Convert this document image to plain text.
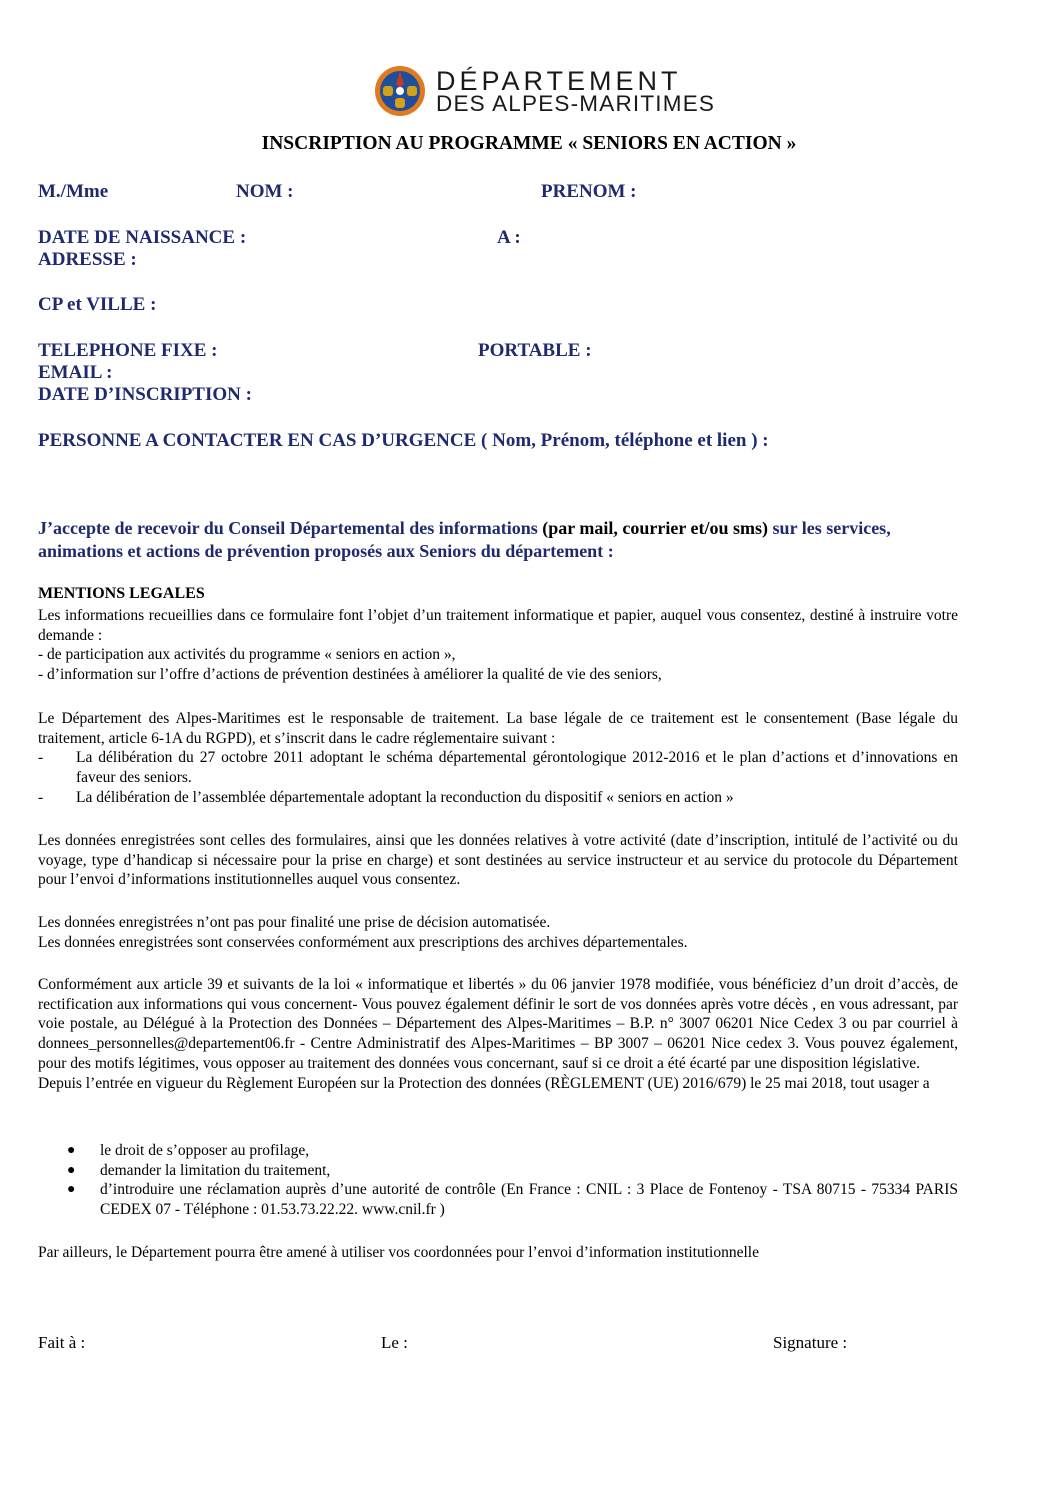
DÉPARTEMENT
DES ALPES-MARITIMES
INSCRIPTION AU PROGRAMME « SENIORS EN ACTION »
M./Mme	NOM :	PRENOM :
DATE DE NAISSANCE :	A :
ADRESSE :
CP et VILLE :
TELEPHONE FIXE :	PORTABLE :
EMAIL :
DATE D’INSCRIPTION :
PERSONNE A CONTACTER EN CAS D’URGENCE ( Nom, Prénom, téléphone et lien ) :
J’accepte de recevoir du Conseil Départemental des informations (par mail, courrier et/ou sms) sur les services, animations et actions de prévention proposés aux Seniors du département :
MENTIONS LEGALES

Les informations recueillies dans ce formulaire font l’objet d’un traitement informatique et papier, auquel vous consentez, destiné à instruire votre demande :

- de participation aux activités du programme « seniors en action »,

- d’information sur l’offre d’actions de prévention destinées à améliorer la qualité de vie des seniors,

Le Département des Alpes-Maritimes est le responsable de traitement. La base légale de ce traitement est le consentement (Base légale du traitement, article 6-1A du RGPD), et s’inscrit dans le cadre réglementaire suivant :

- La délibération du 27 octobre 2011 adoptant le schéma départemental gérontologique 2012-2016 et le plan d’actions et d’innovations en faveur des seniors.
- La délibération de l’assemblée départementale adoptant la reconduction du dispositif « seniors en action »

Les données enregistrées sont celles des formulaires, ainsi que les données relatives à votre activité (date d’inscription, intitulé de l’activité ou du voyage, type d’handicap si nécessaire pour la prise en charge) et sont destinées au service instructeur et au service du protocole du Département pour l’envoi d’informations institutionnelles auquel vous consentez.

Les données enregistrées n’ont pas pour finalité une prise de décision automatisée.

Les données enregistrées sont conservées conformément aux prescriptions des archives départementales.

Conformément aux article 39 et suivants de la loi « informatique et libertés » du 06 janvier 1978 modifiée, vous bénéficiez d’un droit d’accès, de rectification aux informations qui vous concernent- Vous pouvez également définir le sort de vos données après votre décès , en vous adressant, par voie postale, au Délégué à la Protection des Données – Département des Alpes-Maritimes – B.P. n° 3007 06201 Nice Cedex 3 ou par courriel à donnees_personnelles@departement06.fr - Centre Administratif des Alpes-Maritimes – BP 3007 – 06201 Nice cedex 3. Vous pouvez également, pour des motifs légitimes, vous opposer au traitement des données vous concernant, sauf si ce droit a été écarté par une disposition législative.

Depuis l’entrée en vigueur du Règlement Européen sur la Protection des données (RÈGLEMENT (UE) 2016/679) le 25 mai 2018, tout usager a

● le droit de s’opposer au profilage,
● demander la limitation du traitement,
● d’introduire une réclamation auprès d’une autorité de contrôle (En France : CNIL : 3 Place de Fontenoy - TSA 80715 - 75334 PARIS CEDEX 07 - Téléphone : 01.53.73.22.22. www.cnil.fr )

Par ailleurs, le Département pourra être amené à utiliser vos coordonnées pour l’envoi d’information institutionnelle

Fait à :	Le :	Signature :
